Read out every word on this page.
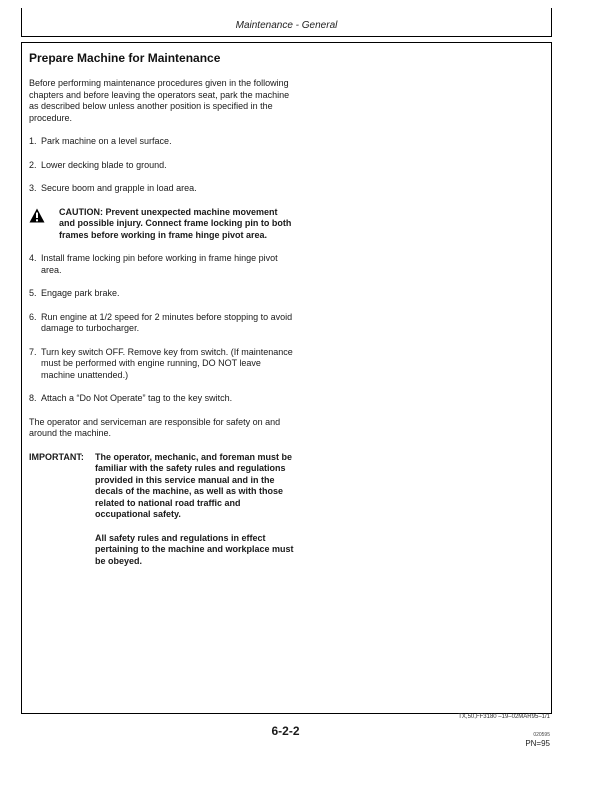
Maintenance - General
Prepare Machine for Maintenance

Before performing maintenance procedures given in the following chapters and before leaving the operators seat, park the machine as described below unless another position is specified in the procedure.

1. Park machine on a level surface.
2. Lower decking blade to ground.
3. Secure boom and grapple in load area.
CAUTION: Prevent unexpected machine movement and possible injury. Connect frame locking pin to both frames before working in frame hinge pivot area.
4. Install frame locking pin before working in frame hinge pivot area.
5. Engage park brake.
6. Run engine at 1/2 speed for 2 minutes before stopping to avoid damage to turbocharger.
7. Turn key switch OFF. Remove key from switch. (If maintenance must be performed with engine running, DO NOT leave machine unattended.)
8. Attach a “Do Not Operate” tag to the key switch.

The operator and serviceman are responsible for safety on and around the machine.

IMPORTANT:	The operator, mechanic, and foreman must be familiar with the safety rules and regulations provided in this service manual and in the decals of the machine, as well as with those related to national road traffic and occupational safety.

All safety rules and regulations in effect pertaining to the machine and workplace must be obeyed.

TX,50,FF3180 –19–02MAR95–1/1
6-2-2	020595
PN=95
